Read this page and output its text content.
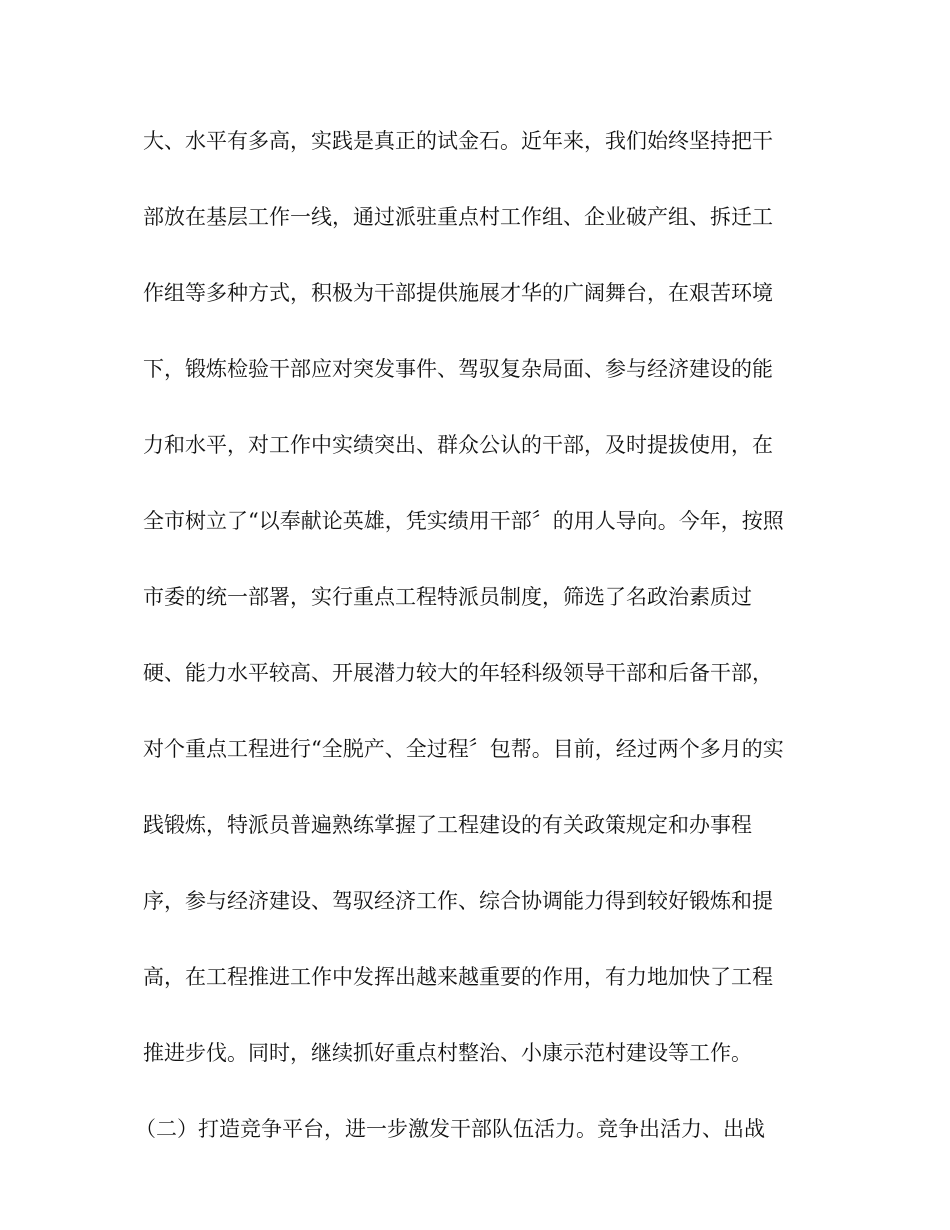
大、水平有多高，实践是真正的试金石。近年来，我们始终坚持把干
部放在基层工作一线，通过派驻重点村工作组、企业破产组、拆迁工
作组等多种方式，积极为干部提供施展才华的广阔舞台，在艰苦环境
下，锻炼检验干部应对突发事件、驾驭复杂局面、参与经济建设的能
力和水平，对工作中实绩突出、群众公认的干部，及时提拔使用，在
全市树立了“以奉献论英雄，凭实绩用干部〞的用人导向。今年，按照
市委的统一部署，实行重点工程特派员制度，筛选了名政治素质过
硬、能力水平较高、开展潜力较大的年轻科级领导干部和后备干部，
对个重点工程进行“全脱产、全过程〞包帮。目前，经过两个多月的实
践锻炼，特派员普遍熟练掌握了工程建设的有关政策规定和办事程
序，参与经济建设、驾驭经济工作、综合协调能力得到较好锻炼和提
高，在工程推进工作中发挥出越来越重要的作用，有力地加快了工程
推进步伐。同时，继续抓好重点村整治、小康示范村建设等工作。
（二）打造竞争平台，进一步激发干部队伍活力。竞争出活力、出战
